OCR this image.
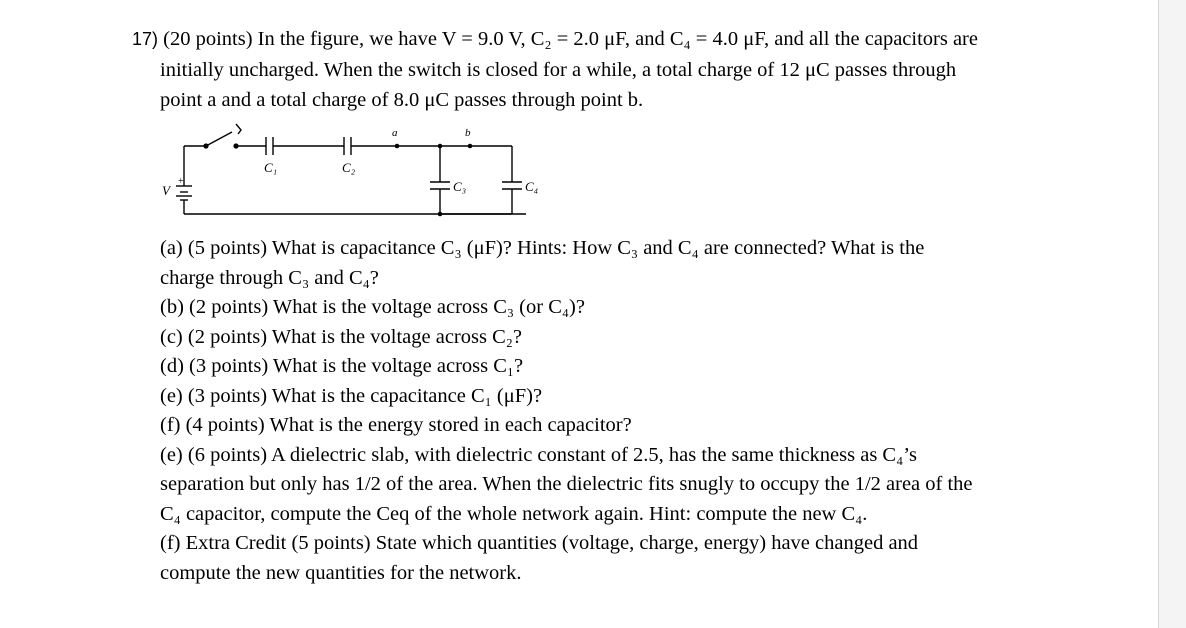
17) (20 points) In the figure, we have V = 9.0 V, C₂ = 2.0 μF, and C₄ = 4.0 μF, and all the capacitors are
initially uncharged. When the switch is closed for a while, a total charge of 12 μC passes through
point a and a total charge of 8.0 μC passes through point b.
V
+
C₁	C₂
C₃	C₄
a	b
(a) (5 points) What is capacitance C₃ (μF)? Hints: How C₃ and C₄ are connected? What is the
charge through C₃ and C₄?
(b) (2 points) What is the voltage across C₃ (or C₄)?
(c) (2 points) What is the voltage across C₂?
(d) (3 points) What is the voltage across C₁?
(e) (3 points) What is the capacitance C₁ (μF)?
(f) (4 points) What is the energy stored in each capacitor?
(e) (6 points) A dielectric slab, with dielectric constant of 2.5, has the same thickness as C₄’s
separation but only has 1/2 of the area. When the dielectric fits snugly to occupy the 1/2 area of the
C₄ capacitor, compute the Ceq of the whole network again. Hint: compute the new C₄.
(f) Extra Credit (5 points) State which quantities (voltage, charge, energy) have changed and
compute the new quantities for the network.
